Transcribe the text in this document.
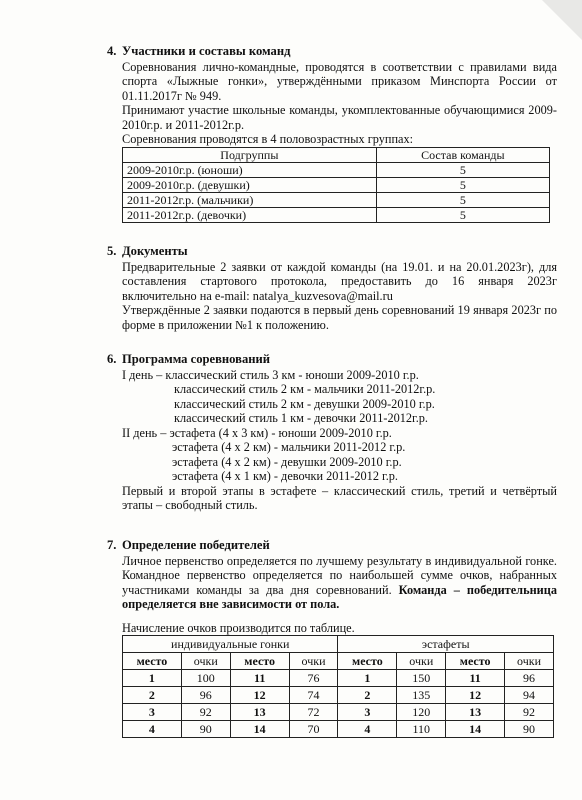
4. Участники и составы команд

Соревнования лично-командные, проводятся в соответствии с правилами вида спорта «Лыжные гонки», утверждёнными приказом Минспорта России от 01.11.2017г № 949.

Принимают участие школьные команды, укомплектованные обучающимися 2009-2010г.р. и 2011-2012г.р.

Соревнования проводятся в 4 половозрастных группах:

Подгруппы	Состав команды
2009-2010г.р. (юноши)	5
2009-2010г.р. (девушки)	5
2011-2012г.р. (мальчики)	5
2011-2012г.р. (девочки)	5
5. Документы

Предварительные 2 заявки от каждой команды (на 19.01. и на 20.01.2023г), для составления стартового протокола, предоставить до 16 января 2023г включительно на e-mail: natalya_kuzvesova@mail.ru

Утверждённые 2 заявки подаются в первый день соревнований 19 января 2023г по форме в приложении №1 к положению.

6. Программа соревнований

I день – классический стиль 3 км - юноши 2009-2010 г.р.

классический стиль 2 км - мальчики 2011-2012г.р.

классический стиль 2 км - девушки 2009-2010 г.р.

классический стиль 1 км - девочки 2011-2012г.р.

II день – эстафета (4 х 3 км) - юноши 2009-2010 г.р.

эстафета (4 х 2 км) - мальчики 2011-2012 г.р.

эстафета (4 х 2 км) - девушки 2009-2010 г.р.

эстафета (4 х 1 км) - девочки 2011-2012 г.р.

Первый и второй этапы в эстафете – классический стиль, третий и четвёртый этапы – свободный стиль.

7. Определение победителей

Личное первенство определяется по лучшему результату в индивидуальной гонке. Командное первенство определяется по наибольшей сумме очков, набранных участниками команды за два дня соревнований. Команда – победительница определяется вне зависимости от пола.

Начисление очков производится по таблице.

индивидуальные гонки				эстафеты			
место	очки	место	очки	место	очки	место	очки
1	100	11	76	1	150	11	96
2	96	12	74	2	135	12	94
3	92	13	72	3	120	13	92
4	90	14	70	4	110	14	90
